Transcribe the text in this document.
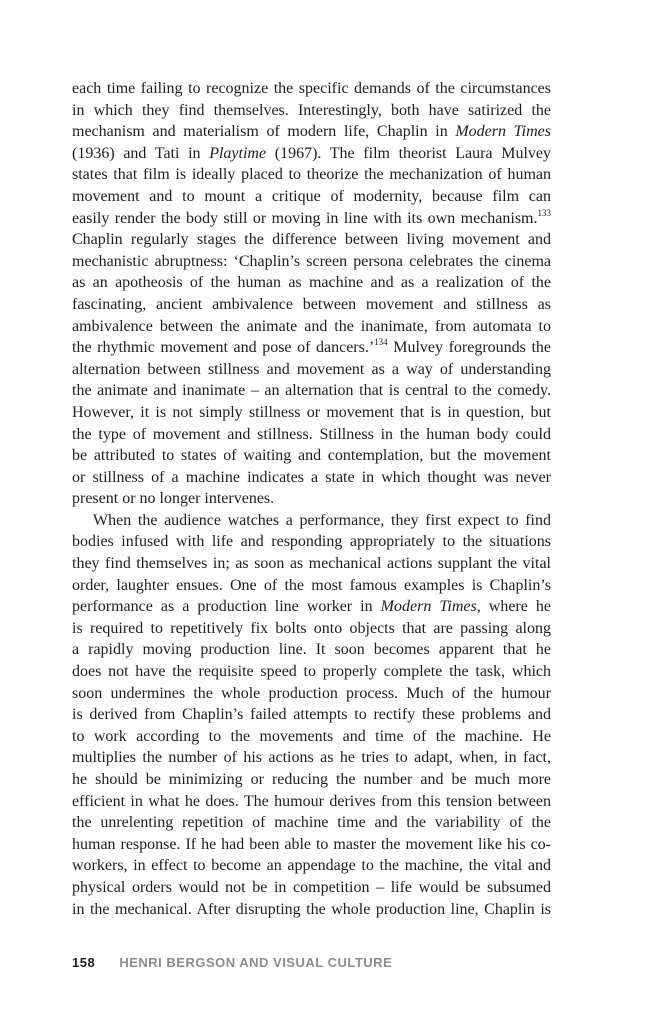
each time failing to recognize the specific demands of the circumstances
in which they find themselves. Interestingly, both have satirized the
mechanism and materialism of modern life, Chaplin in Modern Times
(1936) and Tati in Playtime (1967). The film theorist Laura Mulvey
states that film is ideally placed to theorize the mechanization of human
movement and to mount a critique of modernity, because film can
easily render the body still or moving in line with its own mechanism.$^{133}$
Chaplin regularly stages the difference between living movement and
mechanistic abruptness: ‘Chaplin’s screen persona celebrates the cinema
as an apotheosis of the human as machine and as a realization of the
fascinating, ancient ambivalence between movement and stillness as
ambivalence between the animate and the inanimate, from automata to
the rhythmic movement and pose of dancers.’$^{134}$ Mulvey foregrounds the
alternation between stillness and movement as a way of understanding
the animate and inanimate – an alternation that is central to the comedy.
However, it is not simply stillness or movement that is in question, but
the type of movement and stillness. Stillness in the human body could
be attributed to states of waiting and contemplation, but the movement
or stillness of a machine indicates a state in which thought was never
present or no longer intervenes.
When the audience watches a performance, they first expect to find
bodies infused with life and responding appropriately to the situations
they find themselves in; as soon as mechanical actions supplant the vital
order, laughter ensues. One of the most famous examples is Chaplin’s
performance as a production line worker in Modern Times, where he
is required to repetitively fix bolts onto objects that are passing along
a rapidly moving production line. It soon becomes apparent that he
does not have the requisite speed to properly complete the task, which
soon undermines the whole production process. Much of the humour
is derived from Chaplin’s failed attempts to rectify these problems and
to work according to the movements and time of the machine. He
multiplies the number of his actions as he tries to adapt, when, in fact,
he should be minimizing or reducing the number and be much more
efficient in what he does. The humour derives from this tension between
the unrelenting repetition of machine time and the variability of the
human response. If he had been able to master the movement like his co-
workers, in effect to become an appendage to the machine, the vital and
physical orders would not be in competition – life would be subsumed
in the mechanical. After disrupting the whole production line, Chaplin is
158 HENRI BERGSON AND VISUAL CULTURE
